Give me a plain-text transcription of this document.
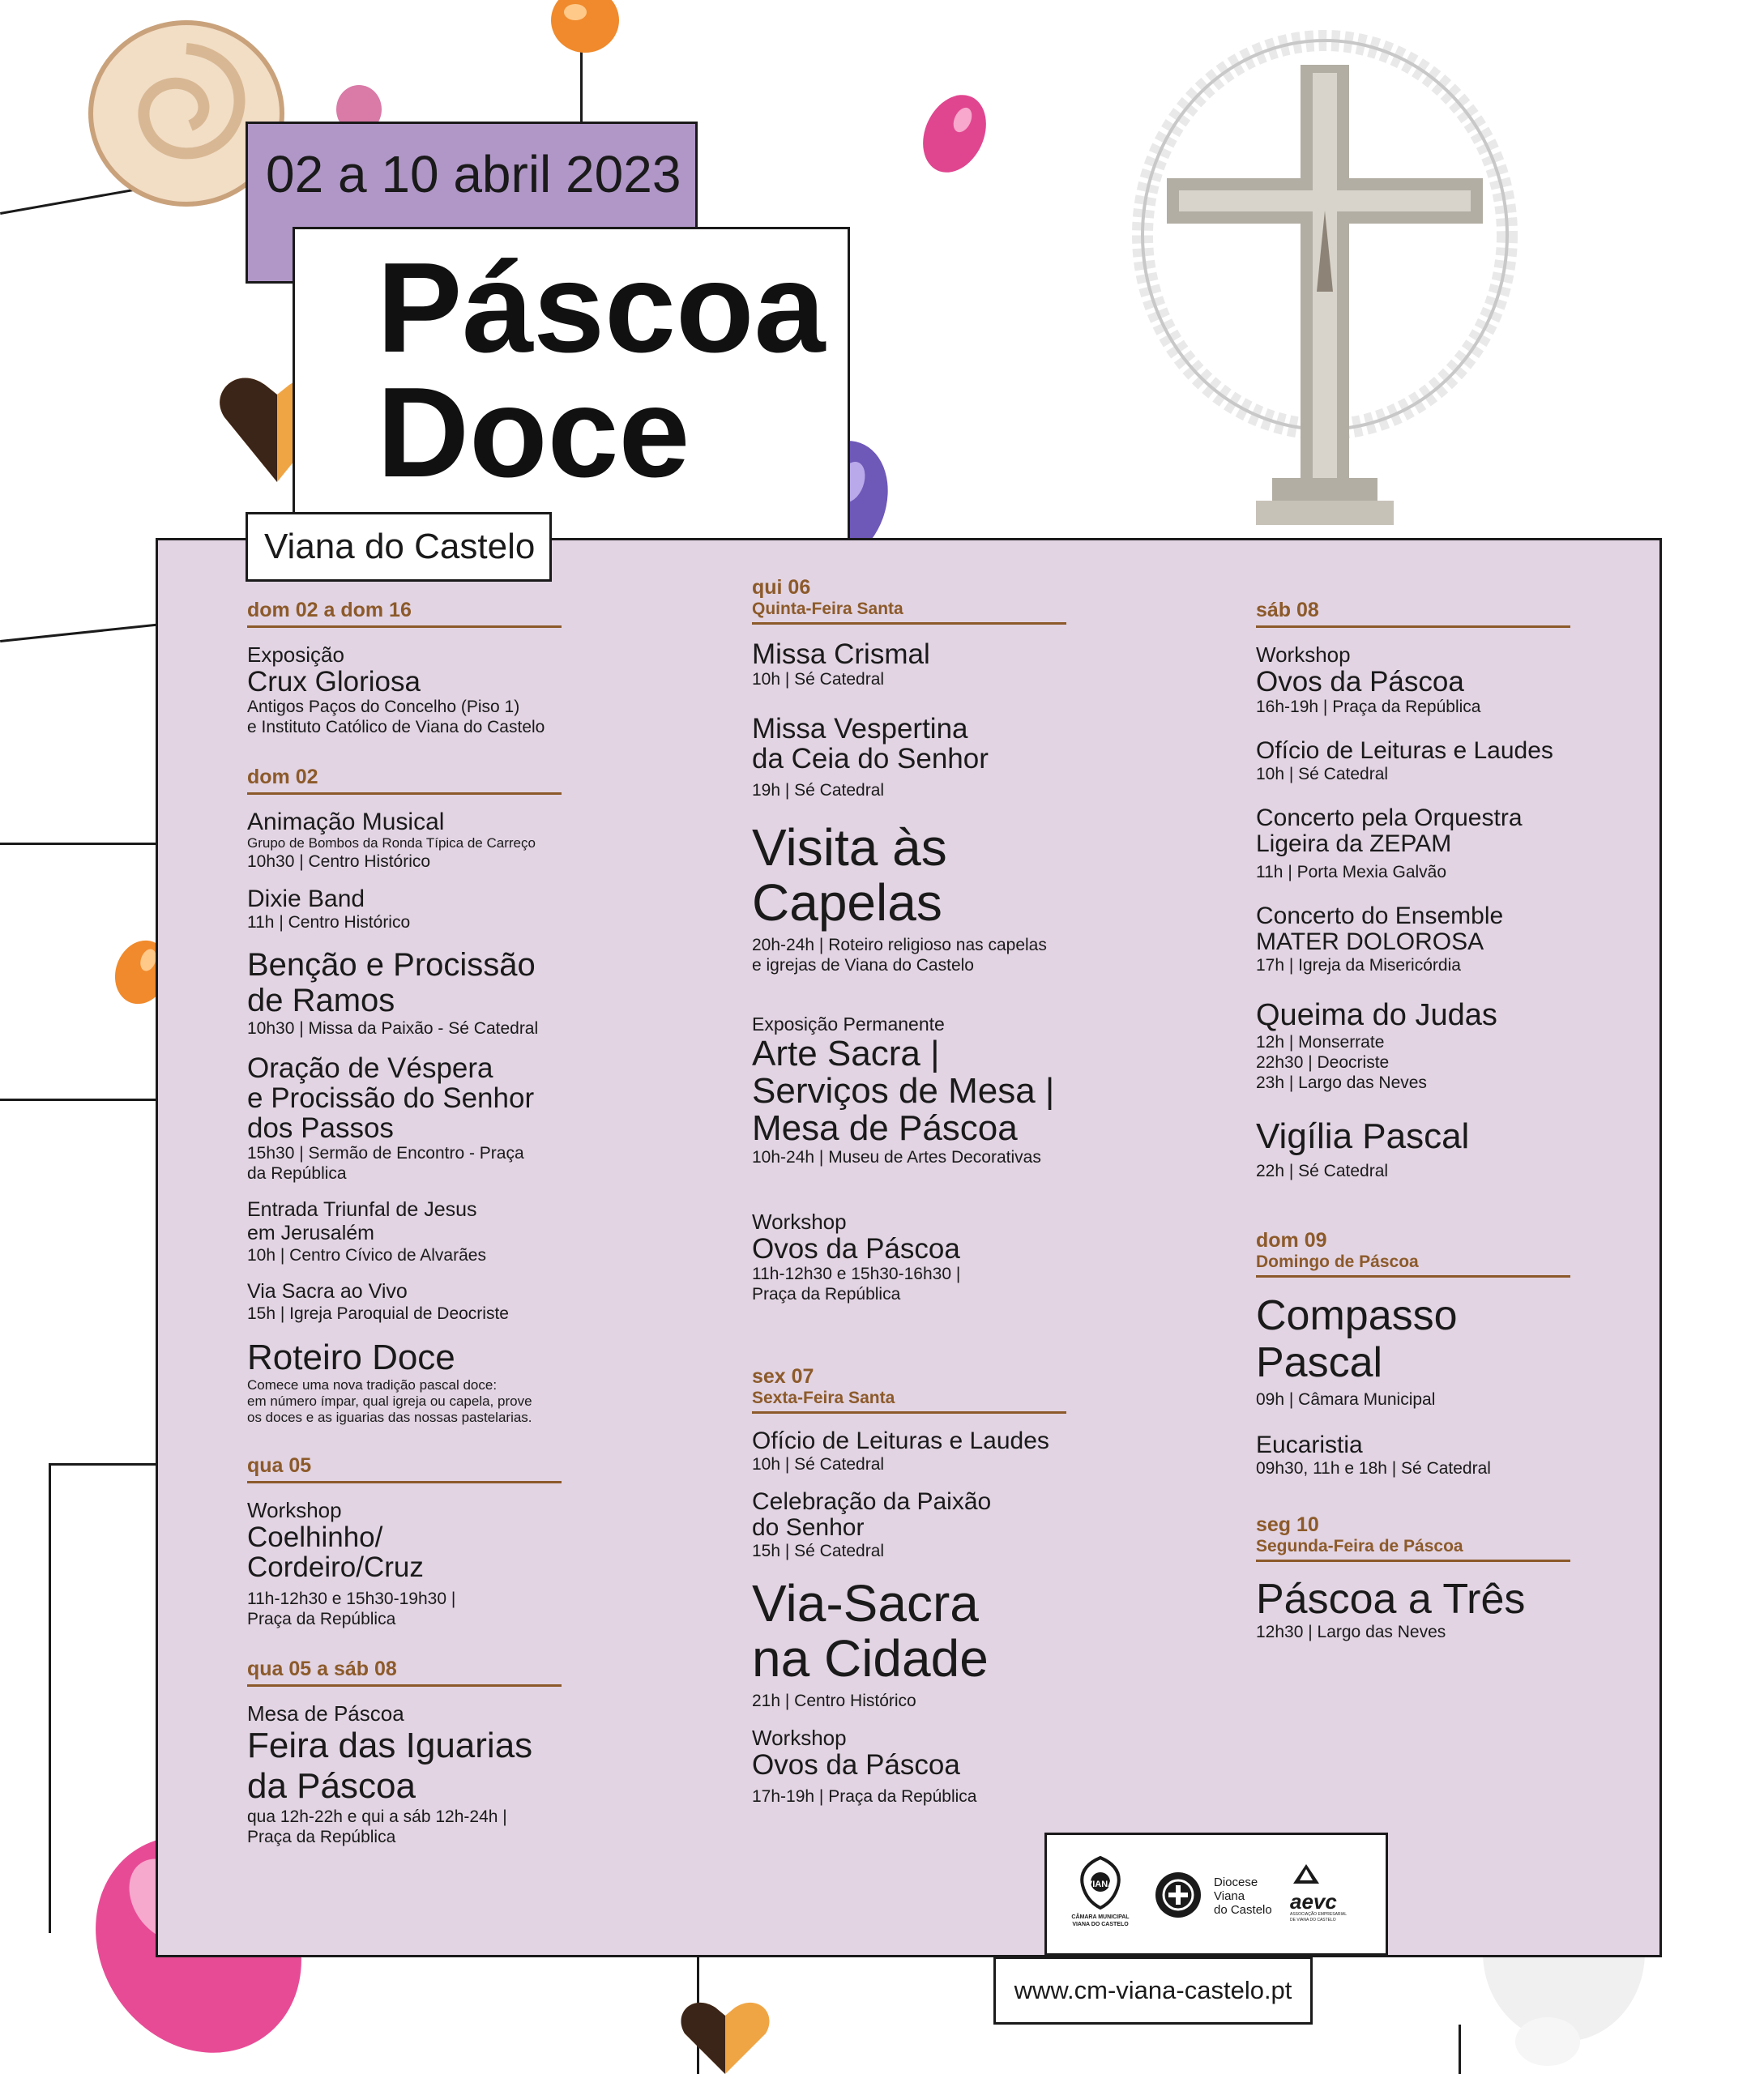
02 a 10 abril 2023
Páscoa
Doce
Viana do Castelo
dom 02 a dom 16
Exposição
Crux Gloriosa
Antigos Paços do Concelho (Piso 1)
e Instituto Católico de Viana do Castelo
dom 02
Animação Musical
Grupo de Bombos da Ronda Típica de Carreço
10h30 | Centro Histórico
Dixie Band
11h | Centro Histórico
Benção e Procissão
de Ramos
10h30 | Missa da Paixão - Sé Catedral
Oração de Véspera
e Procissão do Senhor
dos Passos
15h30 | Sermão de Encontro - Praça
da República
Entrada Triunfal de Jesus
em Jerusalém
10h | Centro Cívico de Alvarães
Via Sacra ao Vivo
15h | Igreja Paroquial de Deocriste
Roteiro Doce
Comece uma nova tradição pascal doce:
em número ímpar, qual igreja ou capela, prove
os doces e as iguarias das nossas pastelarias.
qua 05
Workshop
Coelhinho/
Cordeiro/Cruz
11h-12h30 e 15h30-19h30 |
Praça da República
qua 05 a sáb 08
Mesa de Páscoa
Feira das Iguarias
da Páscoa
qua 12h-22h e qui a sáb 12h-24h |
Praça da República
qui 06
Quinta-Feira Santa
Missa Crismal
10h | Sé Catedral
Missa Vespertina
da Ceia do Senhor
19h | Sé Catedral
Visita às
Capelas
20h-24h | Roteiro religioso nas capelas
e igrejas de Viana do Castelo
Exposição Permanente
Arte Sacra |
Serviços de Mesa |
Mesa de Páscoa
10h-24h | Museu de Artes Decorativas
Workshop
Ovos da Páscoa
11h-12h30 e 15h30-16h30 |
Praça da República
sex 07
Sexta-Feira Santa
Ofício de Leituras e Laudes
10h | Sé Catedral
Celebração da Paixão
do Senhor
15h | Sé Catedral
Via-Sacra
na Cidade
21h | Centro Histórico
Workshop
Ovos da Páscoa
17h-19h | Praça da República
sáb 08
Workshop
Ovos da Páscoa
16h-19h | Praça da República
Ofício de Leituras e Laudes
10h | Sé Catedral
Concerto pela Orquestra
Ligeira da ZEPAM
11h | Porta Mexia Galvão
Concerto do Ensemble
MATER DOLOROSA
17h | Igreja da Misericórdia
Queima do Judas
12h | Monserrate
22h30 | Deocriste
23h | Largo das Neves
Vigília Pascal
22h | Sé Catedral
dom 09
Domingo de Páscoa
Compasso
Pascal
09h | Câmara Municipal
Eucaristia
09h30, 11h e 18h | Sé Catedral
seg 10
Segunda-Feira de Páscoa
Páscoa a Três
12h30 | Largo das Neves
VIANA
CÂMARA MUNICIPAL
VIANA DO CASTELO
Diocese
Viana
do Castelo aevc
ASSOCIAÇÃO EMPRESARIAL
DE VIANA DO CASTELO
www.cm-viana-castelo.pt
